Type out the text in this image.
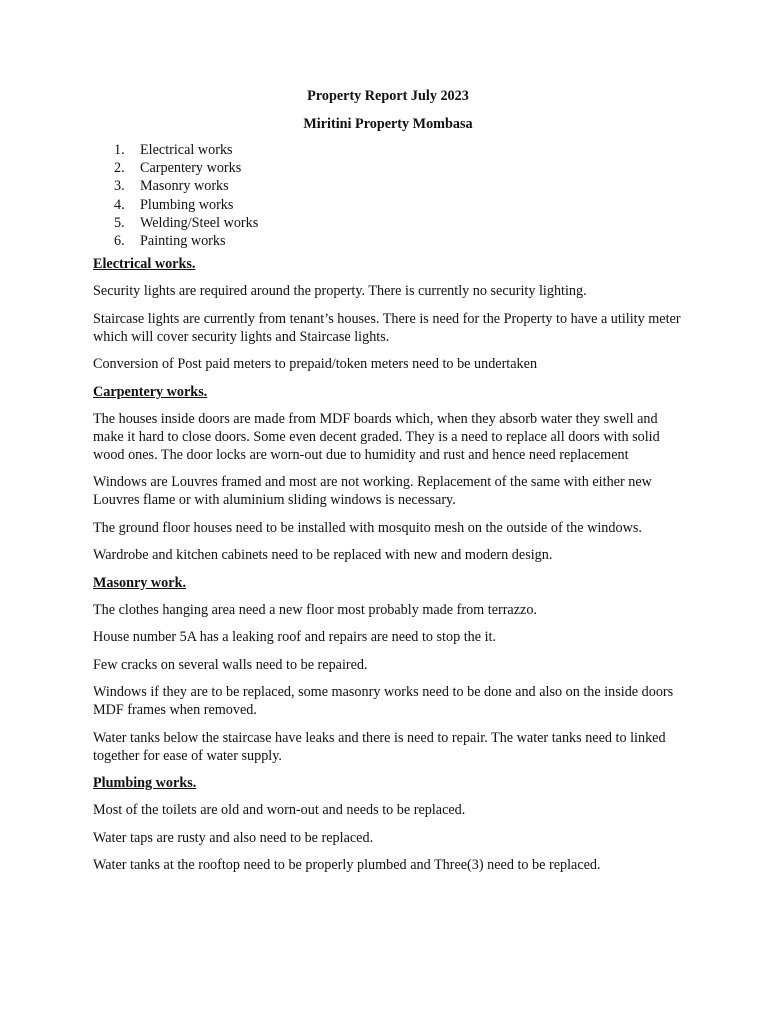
Property Report July 2023

Miritini Property Mombasa

1. Electrical works
2. Carpentery works
3. Masonry works
4. Plumbing works
5. Welding/Steel works
6. Painting works

Electrical works.

Security lights are required around the property. There is currently no security lighting.

Staircase lights are currently from tenant’s houses. There is need for the Property to have a utility meter which will cover security lights and Staircase lights.

Conversion of Post paid meters to prepaid/token meters need to be undertaken

Carpentery works.

The houses inside doors are made from MDF boards which, when they absorb water they swell and make it hard to close doors. Some even decent graded. They is a need to replace all doors with solid wood ones. The door locks are worn-out due to humidity and rust and hence need replacement

Windows are Louvres framed and most are not working. Replacement of the same with either new Louvres flame or with aluminium sliding windows is necessary.

The ground floor houses need to be installed with mosquito mesh on the outside of the windows.

Wardrobe and kitchen cabinets need to be replaced with new and modern design.

Masonry work.

The clothes hanging area need a new floor most probably made from terrazzo.

House number 5A has a leaking roof and repairs are need to stop the it.

Few cracks on several walls need to be repaired.

Windows if they are to be replaced, some masonry works need to be done and also on the inside doors MDF frames when removed.

Water tanks below the staircase have leaks and there is need to repair. The water tanks need to linked together for ease of water supply.

Plumbing works.

Most of the toilets are old and worn-out and needs to be replaced.

Water taps are rusty and also need to be replaced.

Water tanks at the rooftop need to be properly plumbed and Three(3) need to be replaced.
